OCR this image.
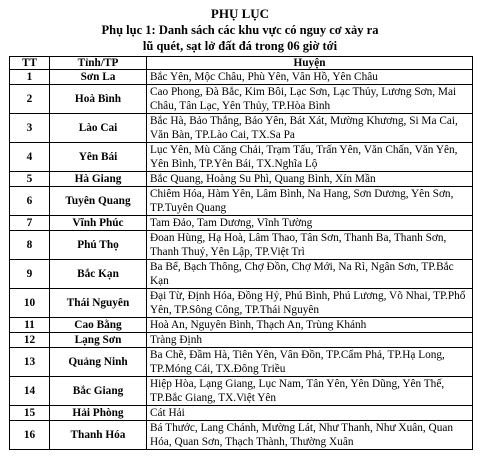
PHỤ LỤC
Phụ lục 1: Danh sách các khu vực có nguy cơ xảy ra
lũ quét, sạt lở đất đá trong 06 giờ tới
TT	Tỉnh/TP	Huyện
1	Sơn La	Bắc Yên, Mộc Châu, Phù Yên, Vân Hồ, Yên Châu
2	Hoà Bình	Cao Phong, Đà Bắc, Kim Bôi, Lạc Sơn, Lạc Thủy, Lương Sơn, Mai Châu, Tân Lạc, Yên Thủy, TP.Hòa Bình
3	Lào Cai	Bắc Hà, Bảo Thắng, Bảo Yên, Bát Xát, Mường Khương, Si Ma Cai, Văn Bàn, TP.Lào Cai, TX.Sa Pa
4	Yên Bái	Lục Yên, Mù Căng Chải, Trạm Tấu, Trấn Yên, Văn Chấn, Văn Yên, Yên Bình, TP.Yên Bái, TX.Nghĩa Lộ
5	Hà Giang	Bắc Quang, Hoàng Su Phì, Quang Bình, Xín Mần
6	Tuyên Quang	Chiêm Hóa, Hàm Yên, Lâm Bình, Na Hang, Sơn Dương, Yên Sơn, TP.Tuyên Quang
7	Vĩnh Phúc	Tam Đảo, Tam Dương, Vĩnh Tường
8	Phú Thọ	Đoan Hùng, Hạ Hoà, Lâm Thao, Tân Sơn, Thanh Ba, Thanh Sơn, Thanh Thuỷ, Yên Lập, TP.Việt Trì
9	Bắc Kạn	Ba Bể, Bạch Thông, Chợ Đồn, Chợ Mới, Na Rì, Ngân Sơn, TP.Bắc Kạn
10	Thái Nguyên	Đại Từ, Định Hóa, Đồng Hỷ, Phú Bình, Phú Lương, Võ Nhai, TP.Phổ Yên, TP.Sông Công, TP.Thái Nguyên
11	Cao Bằng	Hoà An, Nguyên Bình, Thạch An, Trùng Khánh
12	Lạng Sơn	Tràng Định
13	Quảng Ninh	Ba Chẽ, Đầm Hà, Tiên Yên, Vân Đồn, TP.Cẩm Phả, TP.Hạ Long, TP.Móng Cái, TX.Đông Triều
14	Bắc Giang	Hiệp Hòa, Lạng Giang, Lục Nam, Tân Yên, Yên Dũng, Yên Thế, TP.Bắc Giang, TX.Việt Yên
15	Hải Phòng	Cát Hải
16	Thanh Hóa	Bá Thước, Lang Chánh, Mường Lát, Như Thanh, Như Xuân, Quan Hóa, Quan Sơn, Thạch Thành, Thường Xuân
